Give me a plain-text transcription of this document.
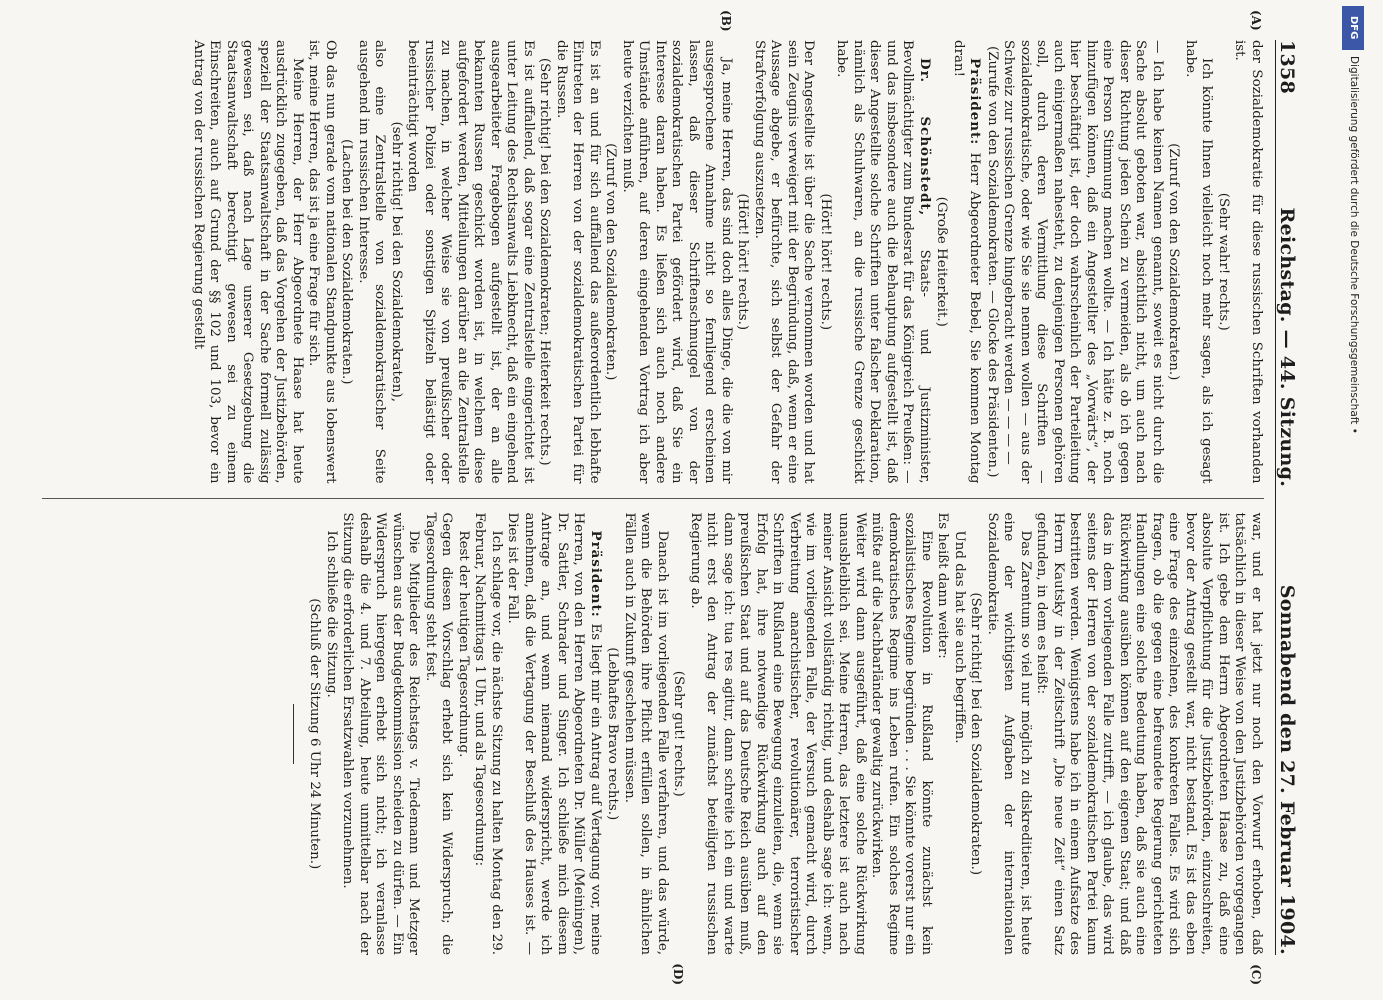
1358
Reichstag. — 44. Sitzung.
Sonnabend den 27. Februar 1904.
(A)

der Sozialdemokratie für diese russischen Schriften vorhanden ist.

(Sehr wahr! rechts.)

Ich könnte Ihnen vielleicht noch mehr sagen, als ich gesagt habe.

(Zuruf von den Sozialdemokraten.)

— Ich habe keinen Namen genannt, soweit es nicht durch die Sache absolut geboten war, absichtlich nicht, um auch nach dieser Richtung jeden Schein zu vermeiden, als ob ich gegen eine Person Stimmung machen wollte. — Ich hätte z. B. noch hinzufügen können, daß ein Angestellter des „Vorwärts“, der hier beschäftigt ist, der doch wahrscheinlich der Parteileitung auch einigermaßen nahesteht, zu denjenigen Personen gehören soll, durch deren Vermittlung diese Schriften — sozialdemokratische, oder wie Sie sie nennen wollen — aus der Schweiz zur russischen Grenze hingebracht werden — — — —

(Zurufe von den Sozialdemokraten. — Glocke des Präsidenten.)

Präsident: Herr Abgeordneter Bebel, Sie kommen Montag dran!

(Große Heiterkeit.)

Dr. Schönstedt, Staats- und Justizminister, Bevollmächtigter zum Bundesrat für das Königreich Preußen: — und das insbesondere auch die Behauptung aufgestellt ist, daß dieser Angestellte solche Schriften unter falscher Deklaration, nämlich als Schuhwaren, an die russische Grenze geschickt habe.

(Hört! hört! rechts.)

Der Angestellte ist über die Sache vernommen worden und hat sein Zeugnis verweigert mit der Begründung, daß, wenn er eine Aussage abgebe, er befürchte, sich selbst der Gefahr der Strafverfolgung auszusetzen.

(Hört! hört! rechts.)

(B)

Ja, meine Herren, das sind doch alles Dinge, die die von mir ausgesprochene Annahme nicht so fernliegend erscheinen lassen, daß dieser Schriftenschmuggel von der sozialdemokratischen Partei gefördert wird, daß Sie ein Interesse daran haben. Es ließen sich auch noch andere Umstände anführen, auf deren eingehenden Vortrag ich aber heute verzichten muß.

(Zuruf von den Sozialdemokraten.)

Es ist an und für sich auffallend das außerordentlich lebhafte Eintreten der Herren von der sozialdemokratischen Partei für die Russen.

(Sehr richtig! bei den Sozialdemokraten; Heiterkeit rechts.)

Es ist auffallend, daß sogar eine Zentralstelle eingerichtet ist unter Leitung des Rechtsanwalts Liebknecht, daß ein eingehend ausgearbeiteter Fragebogen aufgestellt ist, der an alle bekannten Russen geschickt worden ist, in welchem diese aufgefordert werden, Mitteilungen darüber an die Zentralstelle zu machen, in welcher Weise sie von preußischer oder russischer Polizei oder sonstigen Spitzeln belästigt oder beeinträchtigt worden

(sehr richtig! bei den Sozialdemokraten),

also eine Zentralstelle von sozialdemokratischer Seite ausgehend im russischen Interesse.

(Lachen bei den Sozialdemokraten.)

Ob das nun gerade vom nationalen Standpunkte aus lobenswert ist, meine Herren, das ist ja eine Frage für sich.

Meine Herren, der Herr Abgeordnete Haase hat heute ausdrücklich zugegeben, daß das Vorgehen der Justizbehörden, speziell der Staatsanwaltschaft in der Sache formell zulässig gewesen sei, daß nach Lage unserer Gesetzgebung die Staatsanwaltschaft berechtigt gewesen sei zu einem Einschreiten, auch auf Grund der §§ 102 und 103, bevor ein Antrag von der russischen Regierung gestellt

(C)

war, und er hat jetzt nur noch den Vorwurf erhoben, daß tatsächlich in dieser Weise von den Justizbehörden vorgegangen ist. Ich gebe dem Herrn Abgeordneten Haase zu, daß eine absolute Verpflichtung für die Justizbehörden, einzuschreiten, bevor der Antrag gestellt war, nicht bestand. Es ist das eben eine Frage des einzelnen, des konkreten Falles. Es wird sich fragen, ob die gegen eine befreundete Regierung gerichteten Handlungen eine solche Bedeutung haben, daß sie auch eine Rückwirkung ausüben können auf den eigenen Staat; und daß das in dem vorliegenden Falle zutrifft, — ich glaube, das wird seitens der Herren von der sozialdemokratischen Partei kaum bestritten werden. Wenigstens habe ich in einem Aufsatze des Herrn Kautsky in der Zeitschrift „Die neue Zeit“ einen Satz gefunden, in dem es heißt:

Das Zarentum so viel nur möglich zu diskreditieren, ist heute eine der wichtigsten Aufgaben der internationalen Sozialdemokratie.

(Sehr richtig! bei den Sozialdemokraten.)

Und das hat sie auch begriffen.

Es heißt dann weiter:

Eine Revolution in Rußland könnte zunächst kein sozialistisches Regime begründen . . . Sie könnte vorerst nur ein demokratisches Regime ins Leben rufen. Ein solches Regime müßte auf die Nachbarländer gewaltig zurückwirken.

Weiter wird dann ausgeführt, daß eine solche Rückwirkung unausbleiblich sei. Meine Herren, das letztere ist auch nach meiner Ansicht vollständig richtig, und deshalb sage ich: wenn, wie im vorliegenden Falle, der Versuch gemacht wird, durch Verbreitung anarchistischer, revolutionärer, terroristischer Schriften in Rußland eine Bewegung einzuleiten, die, wenn sie Erfolg hat, ihre notwendige Rückwirkung auch auf den preußischen Staat und auf das Deutsche Reich ausüben muß, dann sage ich: tua res agitur, dann schreite ich ein und warte nicht erst den Antrag der zunächst beteiligten russischen Regierung ab.

(D)

(Sehr gut! rechts.)

Danach ist im vorliegenden Falle verfahren, und das würde, wenn die Behörden ihre Pflicht erfüllen sollen, in ähnlichen Fällen auch in Zukunft geschehen müssen.

(Lebhaftes Bravo rechts.)

Präsident: Es liegt mir ein Antrag auf Vertagung vor, meine Herren, von den Herren Abgeordneten Dr. Müller (Meiningen), Dr. Sattler, Schrader und Singer. Ich schließe mich diesem Antrage an, und wenn niemand widerspricht, werde ich annehmen, daß die Vertagung der Beschluß des Hauses ist. — Dies ist der Fall.

Ich schlage vor, die nächste Sitzung zu halten Montag den 29. Februar, Nachmittags 1 Uhr, und als Tagesordnung:

Rest der heutigen Tagesordnung.

Gegen diesen Vorschlag erhebt sich kein Widerspruch; die Tagesordnung steht fest.

Die Mitglieder des Reichstags v. Tiedemann und Metzger wünschen aus der Budgetkommission scheiden zu dürfen. — Ein Widerspruch hiergegen erhebt sich nicht; ich veranlasse deshalb die 4. und 7. Abteilung, heute unmittelbar nach der Sitzung die erforderlichen Ersatzwahlen vorzunehmen.

Ich schließe die Sitzung.

(Schluß der Sitzung 6 Uhr 24 Minuten.)

DFG
Digitalisierung gefördert durch die Deutsche Forschungsgemeinschaft •
